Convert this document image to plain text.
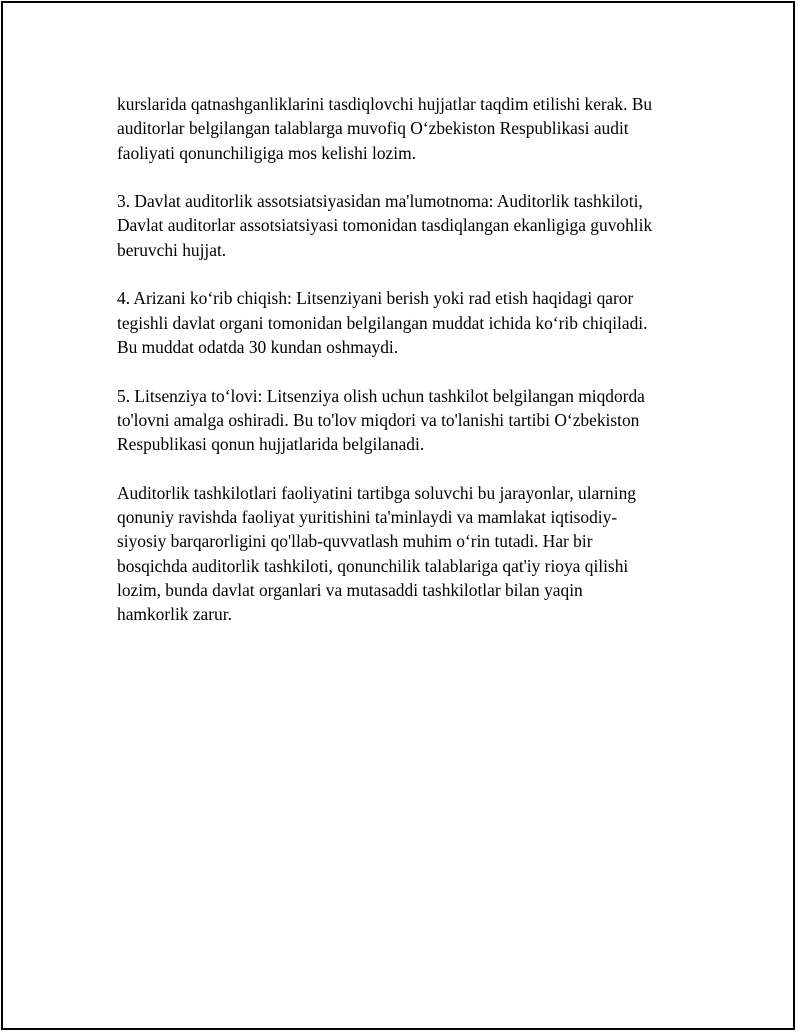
kurslarida qatnashganliklarini tasdiqlovchi hujjatlar taqdim etilishi kerak. Bu
auditorlar belgilangan talablarga muvofiq O‘zbekiston Respublikasi audit
faoliyati qonunchiligiga mos kelishi lozim.

3. Davlat auditorlik assotsiatsiyasidan ma'lumotnoma: Auditorlik tashkiloti,
Davlat auditorlar assotsiatsiyasi tomonidan tasdiqlangan ekanligiga guvohlik
beruvchi hujjat.

4. Arizani ko‘rib chiqish: Litsenziyani berish yoki rad etish haqidagi qaror
tegishli davlat organi tomonidan belgilangan muddat ichida ko‘rib chiqiladi.
Bu muddat odatda 30 kundan oshmaydi.

5. Litsenziya to‘lovi: Litsenziya olish uchun tashkilot belgilangan miqdorda
to'lovni amalga oshiradi. Bu to'lov miqdori va to'lanishi tartibi O‘zbekiston
Respublikasi qonun hujjatlarida belgilanadi.

Auditorlik tashkilotlari faoliyatini tartibga soluvchi bu jarayonlar, ularning
qonuniy ravishda faoliyat yuritishini ta'minlaydi va mamlakat iqtisodiy-
siyosiy barqarorligini qo'llab-quvvatlash muhim o‘rin tutadi. Har bir
bosqichda auditorlik tashkiloti, qonunchilik talablariga qat'iy rioya qilishi
lozim, bunda davlat organlari va mutasaddi tashkilotlar bilan yaqin
hamkorlik zarur.
